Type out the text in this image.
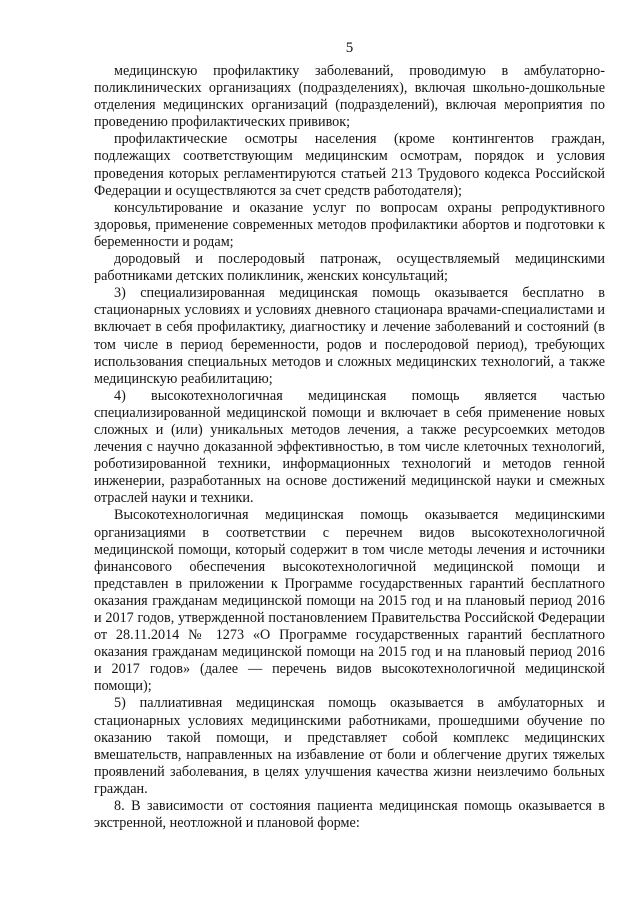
5

медицинскую профилактику заболеваний, проводимую в амбулаторно-поликлинических организациях (подразделениях), включая школьно-дошкольные отделения медицинских организаций (подразделений), включая мероприятия по проведению профилактических прививок;

профилактические осмотры населения (кроме контингентов граждан, подлежащих соответствующим медицинским осмотрам, порядок и условия проведения которых регламентируются статьей 213 Трудового кодекса Российской Федерации и осуществляются за счет средств работодателя);

консультирование и оказание услуг по вопросам охраны репродуктивного здоровья, применение современных методов профилактики абортов и подготовки к беременности и родам;

дородовый и послеродовый патронаж, осуществляемый медицинскими работниками детских поликлиник, женских консультаций;

3) специализированная медицинская помощь оказывается бесплатно в стационарных условиях и условиях дневного стационара врачами-специалистами и включает в себя профилактику, диагностику и лечение заболеваний и состояний (в том числе в период беременности, родов и послеродовой период), требующих использования специальных методов и сложных медицинских технологий, а также медицинскую реабилитацию;

4) высокотехнологичная медицинская помощь является частью специализированной медицинской помощи и включает в себя применение новых сложных и (или) уникальных методов лечения, а также ресурсоемких методов лечения с научно доказанной эффективностью, в том числе клеточных технологий, роботизированной техники, информационных технологий и методов генной инженерии, разработанных на основе достижений медицинской науки и смежных отраслей науки и техники.

Высокотехнологичная медицинская помощь оказывается медицинскими организациями в соответствии с перечнем видов высокотехнологичной медицинской помощи, который содержит в том числе методы лечения и источники финансового обеспечения высокотехнологичной медицинской помощи и представлен в приложении к Программе государственных гарантий бесплатного оказания гражданам медицинской помощи на 2015 год и на плановый период 2016 и 2017 годов, утвержденной постановлением Правительства Российской Федерации от 28.11.2014 № 1273 «О Программе государственных гарантий бесплатного оказания гражданам медицинской помощи на 2015 год и на плановый период 2016 и 2017 годов» (далее — перечень видов высокотехнологичной медицинской помощи);

5) паллиативная медицинская помощь оказывается в амбулаторных и стационарных условиях медицинскими работниками, прошедшими обучение по оказанию такой помощи, и представляет собой комплекс медицинских вмешательств, направленных на избавление от боли и облегчение других тяжелых проявлений заболевания, в целях улучшения качества жизни неизлечимо больных граждан.

8. В зависимости от состояния пациента медицинская помощь оказывается в экстренной, неотложной и плановой форме:
